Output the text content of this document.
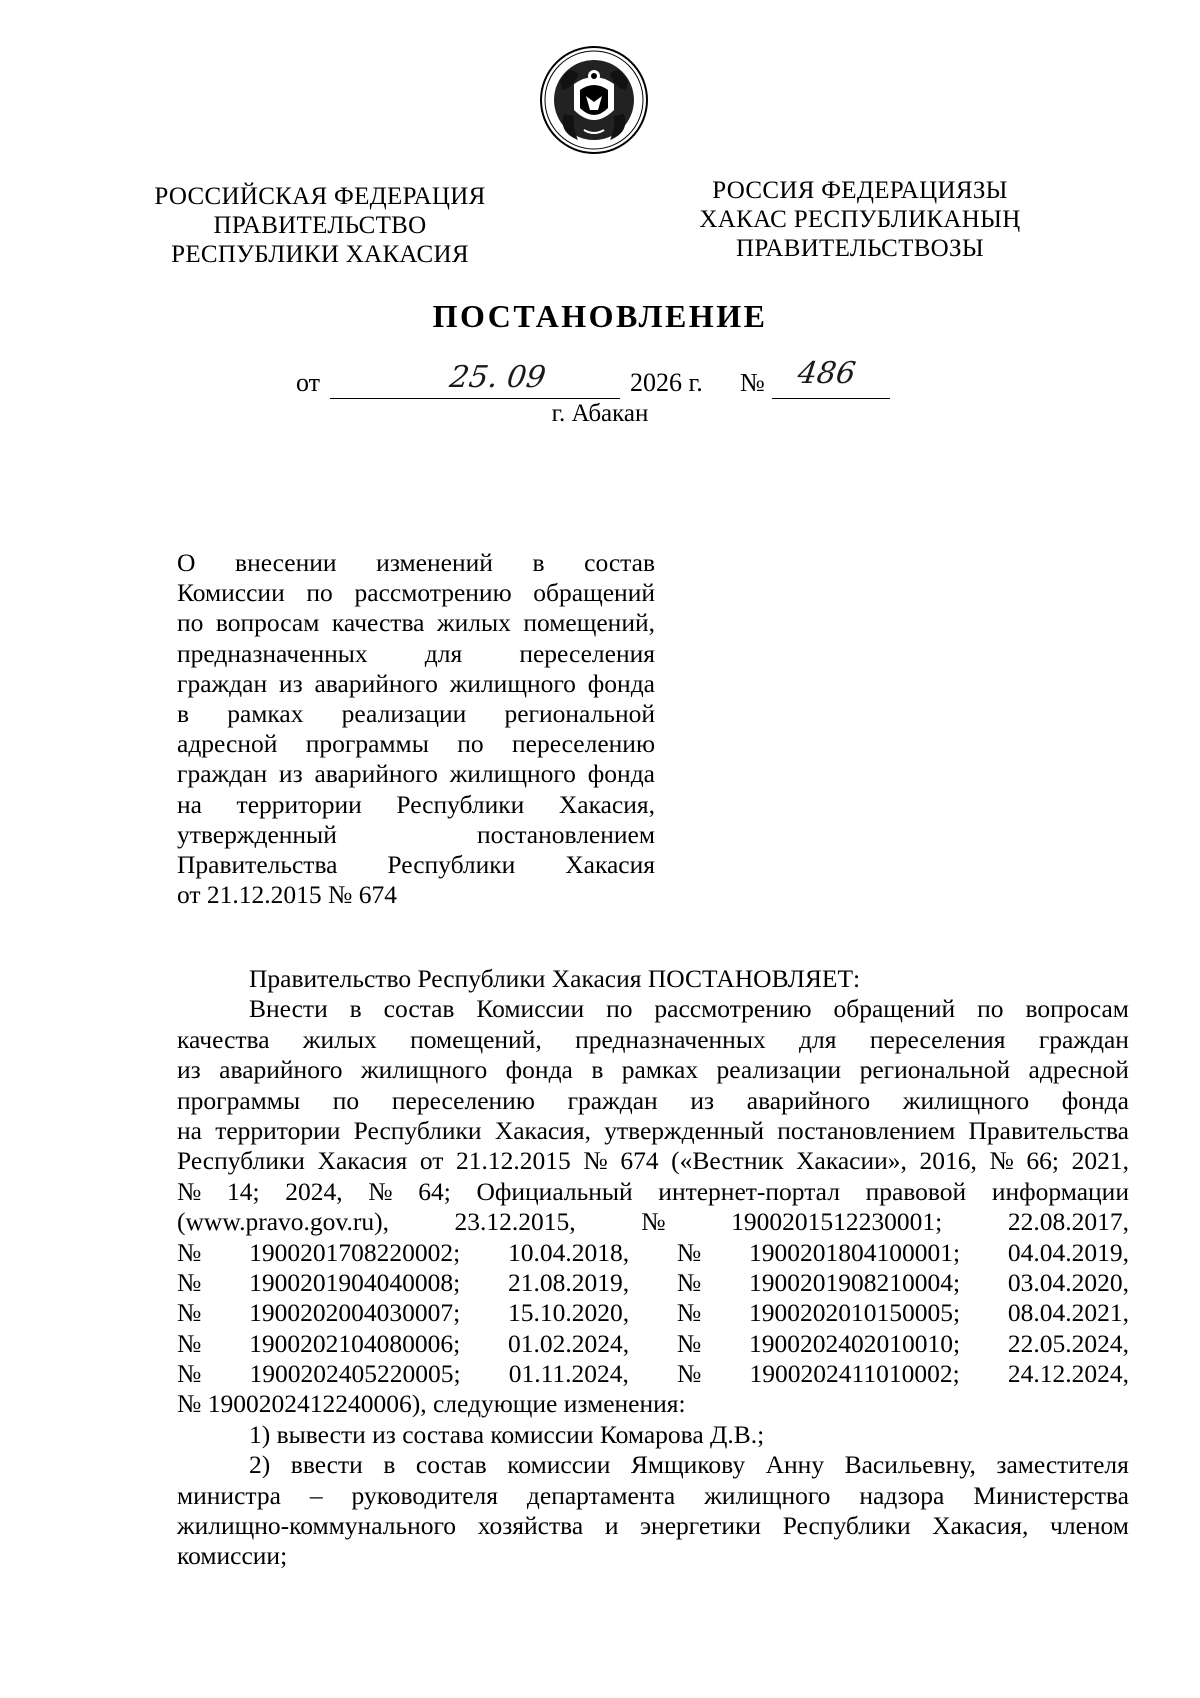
РОССИЙСКАЯ ФЕДЕРАЦИЯ
ПРАВИТЕЛЬСТВО
РЕСПУБЛИКИ ХАКАСИЯ
РОССИЯ ФЕДЕРАЦИЯЗЫ
ХАКАС РЕСПУБЛИКАНЫҢ
ПРАВИТЕЛЬСТВОЗЫ
ПОСТАНОВЛЕНИЕ
от	25. 09	2026 г. № 486
г. Абакан
О внесении изменений в состав
Комиссии по рассмотрению обращений
по вопросам качества жилых помещений,
предназначенных для переселения
граждан из аварийного жилищного фонда
в рамках реализации региональной
адресной программы по переселению
граждан из аварийного жилищного фонда
на территории Республики Хакасия,
утвержденный постановлением
Правительства Республики Хакасия
от 21.12.2015 № 674
Правительство Республики Хакасия ПОСТАНОВЛЯЕТ:
Внести в состав Комиссии по рассмотрению обращений по вопросам
качества жилых помещений, предназначенных для переселения граждан
из аварийного жилищного фонда в рамках реализации региональной адресной
программы по переселению граждан из аварийного жилищного фонда
на территории Республики Хакасия, утвержденный постановлением Правительства
Республики Хакасия от 21.12.2015 № 674 («Вестник Хакасии», 2016, № 66; 2021,
№ 14; 2024, № 64; Официальный интернет-портал правовой информации
(www.pravo.gov.ru),	23.12.2015,	№	1900201512230001;	22.08.2017,
№ 1900201708220002; 10.04.2018, № 1900201804100001; 04.04.2019,
№ 1900201904040008; 21.08.2019, № 1900201908210004; 03.04.2020,
№ 1900202004030007; 15.10.2020, № 1900202010150005; 08.04.2021,
№ 1900202104080006; 01.02.2024, № 1900202402010010; 22.05.2024,
№ 1900202405220005; 01.11.2024, № 1900202411010002; 24.12.2024,
№ 1900202412240006), следующие изменения:
1) вывести из состава комиссии Комарова Д.В.;
2) ввести в состав комиссии Ямщикову Анну Васильевну, заместителя
министра – руководителя департамента жилищного надзора Министерства
жилищно-коммунального хозяйства и энергетики Республики Хакасия, членом
комиссии;
